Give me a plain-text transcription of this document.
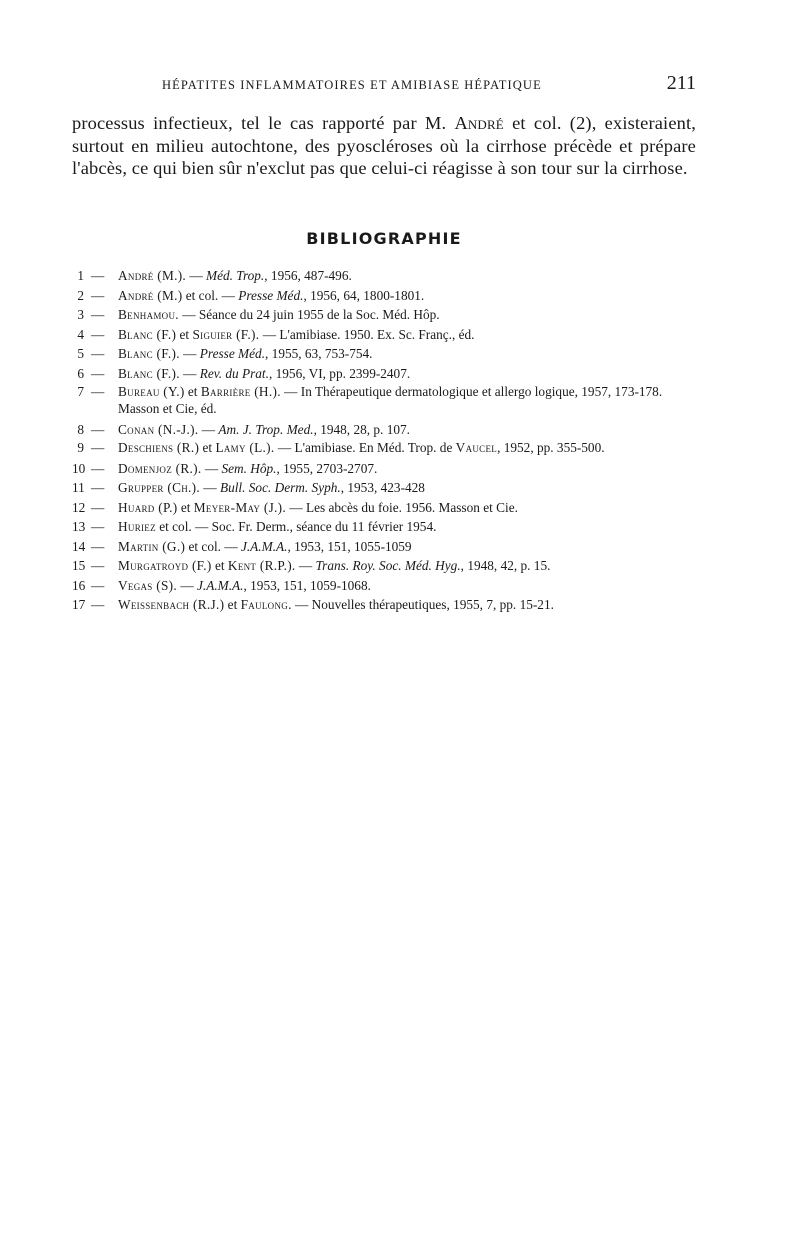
HÉPATITES INFLAMMATOIRES ET AMIBIASE HÉPATIQUE	211

processus infectieux, tel le cas rapporté par M. André et col. (2), existeraient, surtout en milieu autochtone, des pyoscléroses où la cirrhose précède et prépare l'abcès, ce qui bien sûr n'exclut pas que celui-ci réagisse à son tour sur la cirrhose.

BIBLIOGRAPHIE
1 — André (M.). — Méd. Trop., 1956, 487-496.
2 — André (M.) et col. — Presse Méd., 1956, 64, 1800-1801.
3 — Benhamou. — Séance du 24 juin 1955 de la Soc. Méd. Hôp.
4 — Blanc (F.) et Siguier (F.). — L'amibiase. 1950. Ex. Sc. Franç., éd.
5 — Blanc (F.). — Presse Méd., 1955, 63, 753-754.
6 — Blanc (F.). — Rev. du Prat., 1956, VI, pp. 2399-2407.
7 — Bureau (Y.) et Barrière (H.). — In Thérapeutique dermatologique et allergo logique, 1957, 173-178. Masson et Cie, éd.
8 — Conan (N.-J.). — Am. J. Trop. Med., 1948, 28, p. 107.
9 — Deschiens (R.) et Lamy (L.). — L'amibiase. En Méd. Trop. de Vaucel, 1952, pp. 355-500.
10 — Domenjoz (R.). — Sem. Hôp., 1955, 2703-2707.
11 — Grupper (Ch.). — Bull. Soc. Derm. Syph., 1953, 423-428
12 — Huard (P.) et Meyer-May (J.). — Les abcès du foie. 1956. Masson et Cie.
13 — Huriez et col. — Soc. Fr. Derm., séance du 11 février 1954.
14 — Martin (G.) et col. — J.A.M.A., 1953, 151, 1055-1059
15 — Murgatroyd (F.) et Kent (R.P.). — Trans. Roy. Soc. Méd. Hyg., 1948, 42, p. 15.
16 — Vegas (S). — J.A.M.A., 1953, 151, 1059-1068.
17 — Weissenbach (R.J.) et Faulong. — Nouvelles thérapeutiques, 1955, 7, pp. 15-21.
